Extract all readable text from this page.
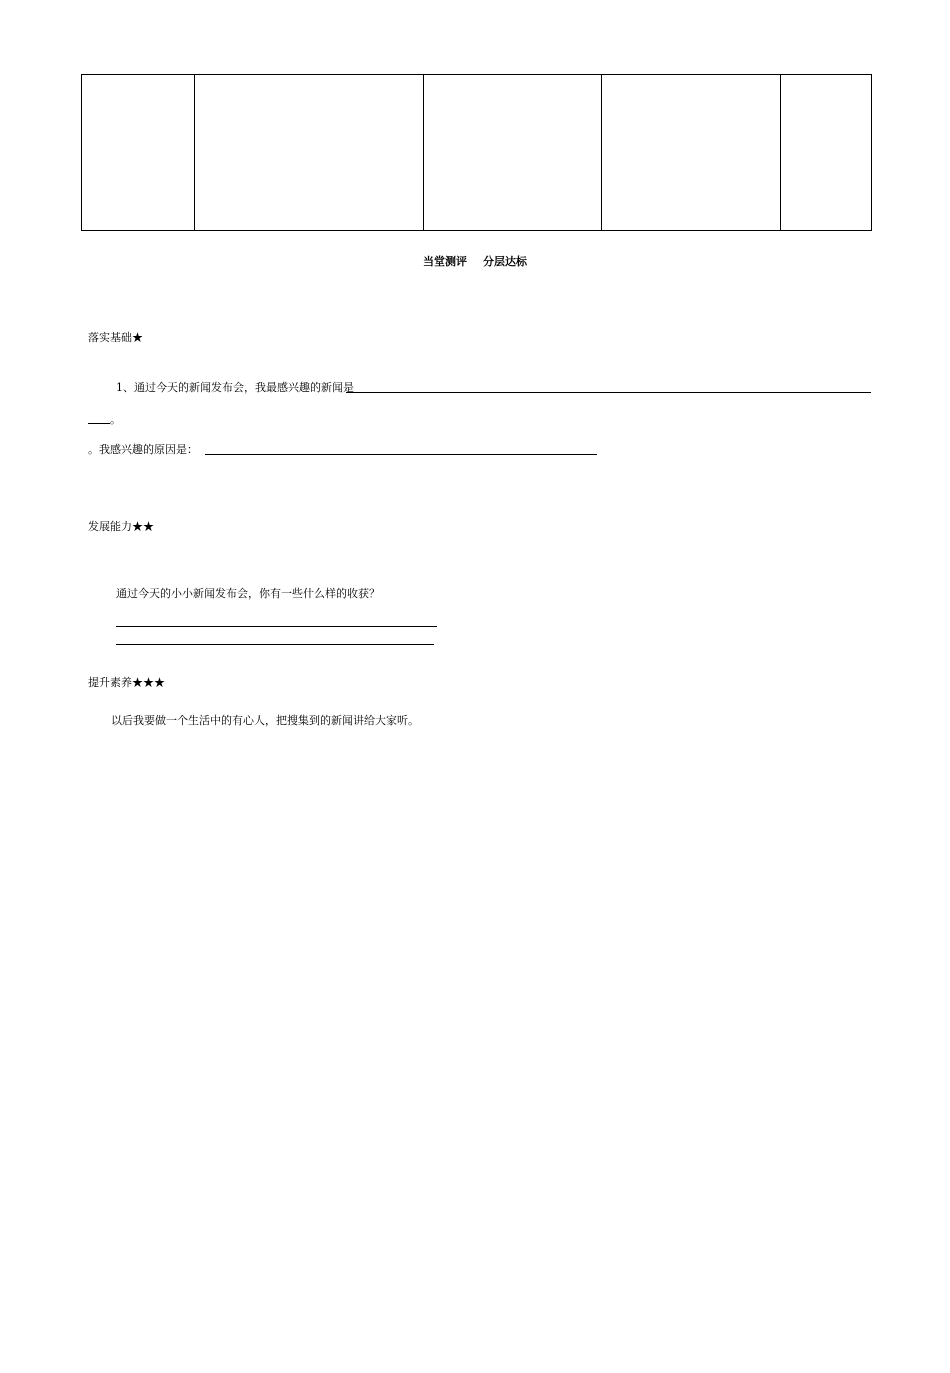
当堂测评 分层达标
落实基础★
1、通过今天的新闻发布会，我最感兴趣的新闻是
。
。我感兴趣的原因是：
发展能力★★
通过今天的小小新闻发布会，你有一些什么样的收获？
提升素养★★★
以后我要做一个生活中的有心人，把搜集到的新闻讲给大家听。
